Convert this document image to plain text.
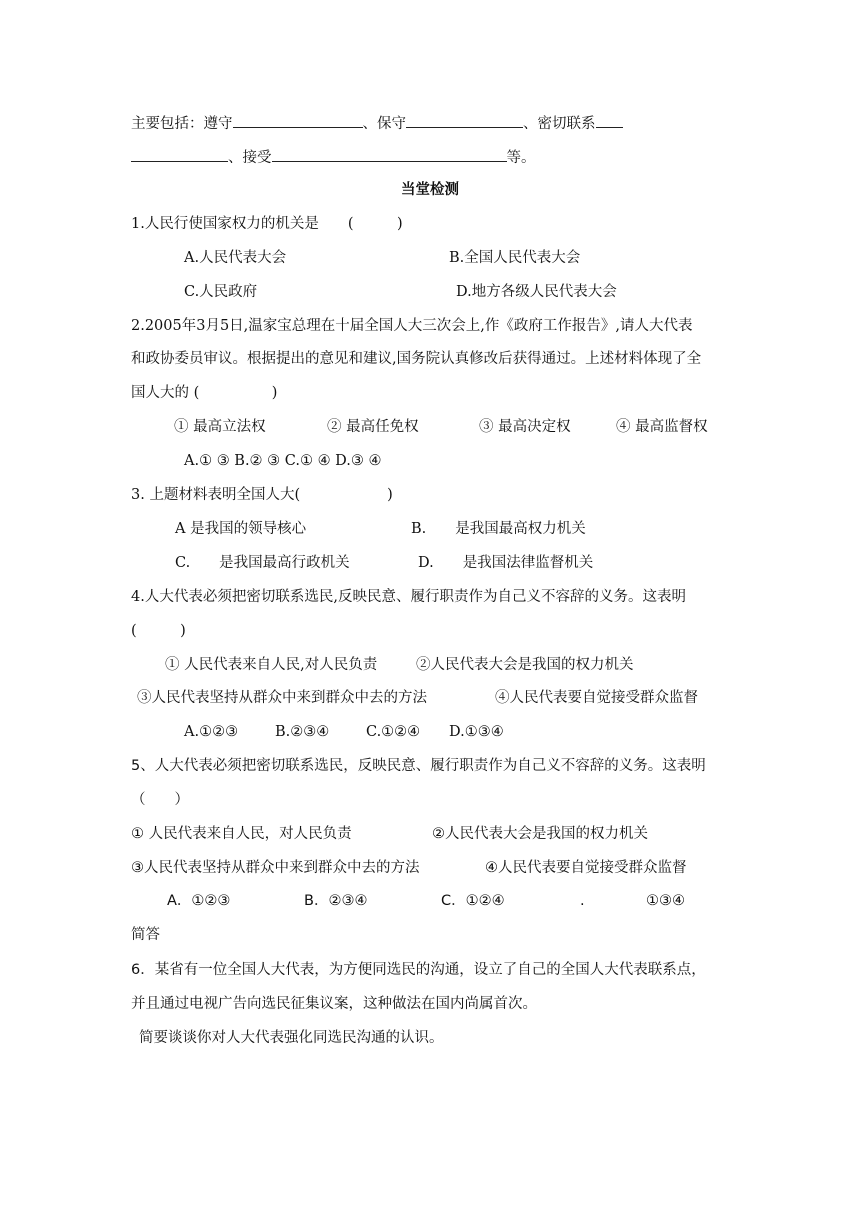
主要包括：遵守	、保守	、密切联系
、接受	等。
当堂检测
1.人民行使国家权力的机关是　　(　　　)
A.人民代表大会	B.全国人民代表大会
C.人民政府	D.地方各级人民代表大会
2.2005年3月5日,温家宝总理在十届全国人大三次会上,作《政府工作报告》,请人大代表
和政协委员审议。根据提出的意见和建议,国务院认真修改后获得通过。上述材料体现了全
国人大的 (　　　　　)
① 最高立法权	② 最高任免权	③ 最高决定权	④ 最高监督权
A.① ③ B.② ③ C.① ④ D.③ ④
3. 上题材料表明全国人大(　　　　　　)
A 是我国的领导核心	B.　　是我国最高权力机关
C.　　是我国最高行政机关	D.　　是我国法律监督机关
4.人大代表必须把密切联系选民,反映民意、履行职责作为自己义不容辞的义务。这表明
(　　　)
① 人民代表来自人民,对人民负责	②人民代表大会是我国的权力机关
③人民代表坚持从群众中来到群众中去的方法	④人民代表要自觉接受群众监督
A.①②③	B.②③④	C.①②④ D.①③④
5、人大代表必须把密切联系选民，反映民意、履行职责作为自己义不容辞的义务。这表明
（　　）
① 人民代表来自人民，对人民负责	②人民代表大会是我国的权力机关
③人民代表坚持从群众中来到群众中去的方法	④人民代表要自觉接受群众监督
A．①②③	B．②③④	C．①②④	.	①③④
简答
6．某省有一位全国人大代表，为方便同选民的沟通，设立了自己的全国人大代表联系点，
并且通过电视广告向选民征集议案，这种做法在国内尚属首次。
简要谈谈你对人大代表强化同选民沟通的认识。
